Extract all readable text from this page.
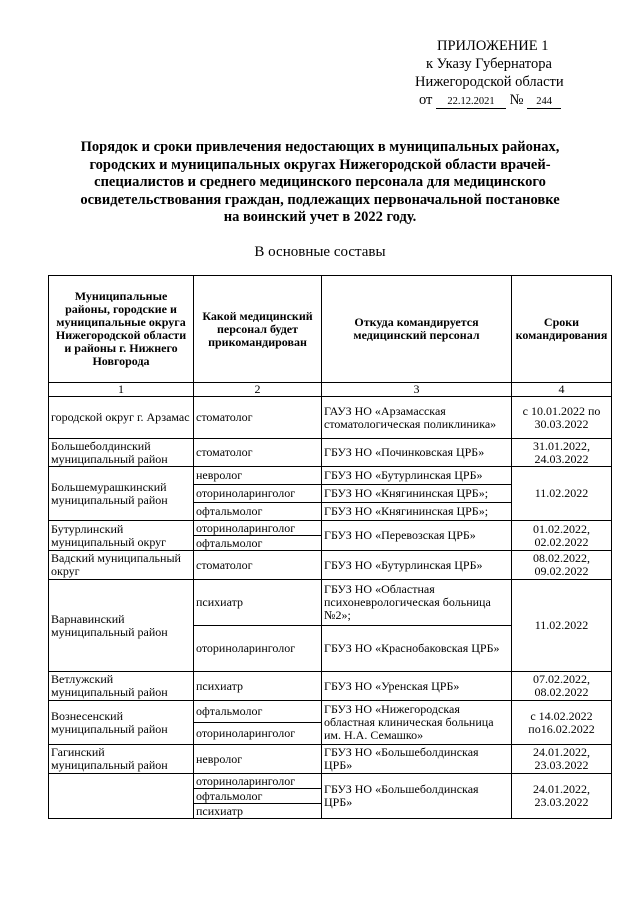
ПРИЛОЖЕНИЕ 1
к Указу Губернатора
Нижегородской области
от 22.12.2021 № 244
Порядок и сроки привлечения недостающих в муниципальных районах, городских и муниципальных округах Нижегородской области врачей-специалистов и среднего медицинского персонала для медицинского освидетельствования граждан, подлежащих первоначальной постановке на воинский учет в 2022 году.
В основные составы
Муниципальные районы, городские и муниципальные округа Нижегородской области и районы г. Нижнего Новгорода	Какой медицинский персонал будет прикомандирован	Откуда командируется медицинский персонал	Сроки командирования
1	2	3	4
городской округ г. Арзамас	стоматолог	ГАУЗ НО «Арзамасская стоматологическая поликлиника»	с 10.01.2022 по 30.03.2022
Большеболдинский муниципальный район	стоматолог	ГБУЗ НО «Починковская ЦРБ»	31.01.2022, 24.03.2022
Большемурашкинский муниципальный район	невролог	ГБУЗ НО «Бутурлинская ЦРБ»	11.02.2022
	оториноларинголог	ГБУЗ НО «Княгининская ЦРБ»;	
	офтальмолог	ГБУЗ НО «Княгининская ЦРБ»;	
Бутурлинский муниципальный округ	оториноларинголог	ГБУЗ НО «Перевозская ЦРБ»	01.02.2022, 02.02.2022
	офтальмолог		
Вадский муниципальный округ	стоматолог	ГБУЗ НО «Бутурлинская ЦРБ»	08.02.2022, 09.02.2022
Варнавинский муниципальный район	психиатр	ГБУЗ НО «Областная психоневрологическая больница №2»;	11.02.2022
	оториноларинголог	ГБУЗ НО «Краснобаковская ЦРБ»	
Ветлужский муниципальный район	психиатр	ГБУЗ НО «Уренская ЦРБ»	07.02.2022, 08.02.2022
Вознесенский муниципальный район	офтальмолог	ГБУЗ НО «Нижегородская областная клиническая больница им. Н.А. Семашко»	с 14.02.2022 по16.02.2022
	оториноларинголог		
Гагинский муниципальный район	невролог	ГБУЗ НО «Большеболдинская ЦРБ»	24.01.2022, 23.03.2022
	оториноларинголог	ГБУЗ НО «Большеболдинская ЦРБ»	24.01.2022, 23.03.2022
	офтальмолог		
	психиатр		
